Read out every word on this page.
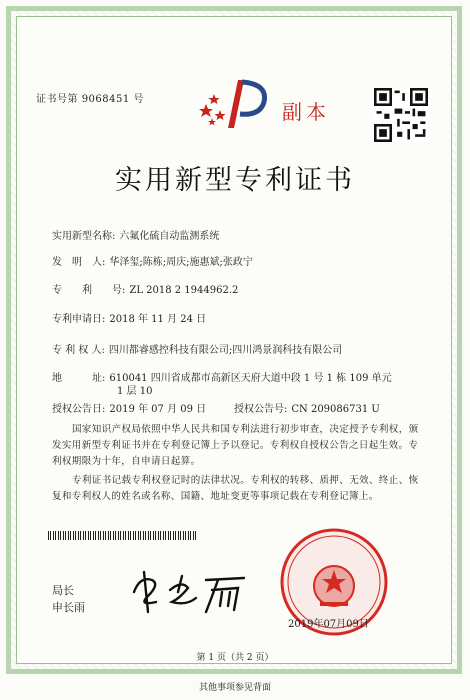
证书号第 9068451 号
副本
实用新型专利证书
实用新型名称: 六氟化硫自动监测系统
发　明　人: 华泽玺;陈栋;周庆;施惠斌;张政宁
专　　利　　号: ZL 2018 2 1944962.2
专利申请日: 2018 年 11 月 24 日
专 利 权 人: 四川都睿感控科技有限公司;四川鸿景润科技有限公司
地　　　址: 610041 四川省成都市高新区天府大道中段 1 号 1 栋 109 单元
1 层 10
授权公告日: 2019 年 07 月 09 日	授权公告号: CN 209086731 U
国家知识产权局依照中华人民共和国专利法进行初步审查，决定授予专利权，颁发实用新型专利证书并在专利登记簿上予以登记。专利权自授权公告之日起生效。专利权期限为十年，自申请日起算。
专利证书记载专利权登记时的法律状况。专利权的转移、质押、无效、终止、恢复和专利权人的姓名或名称、国籍、地址变更等事项记载在专利登记簿上。
局长
申长雨
2019年07月09日
第 1 页（共 2 页）
其他事项参见背面
